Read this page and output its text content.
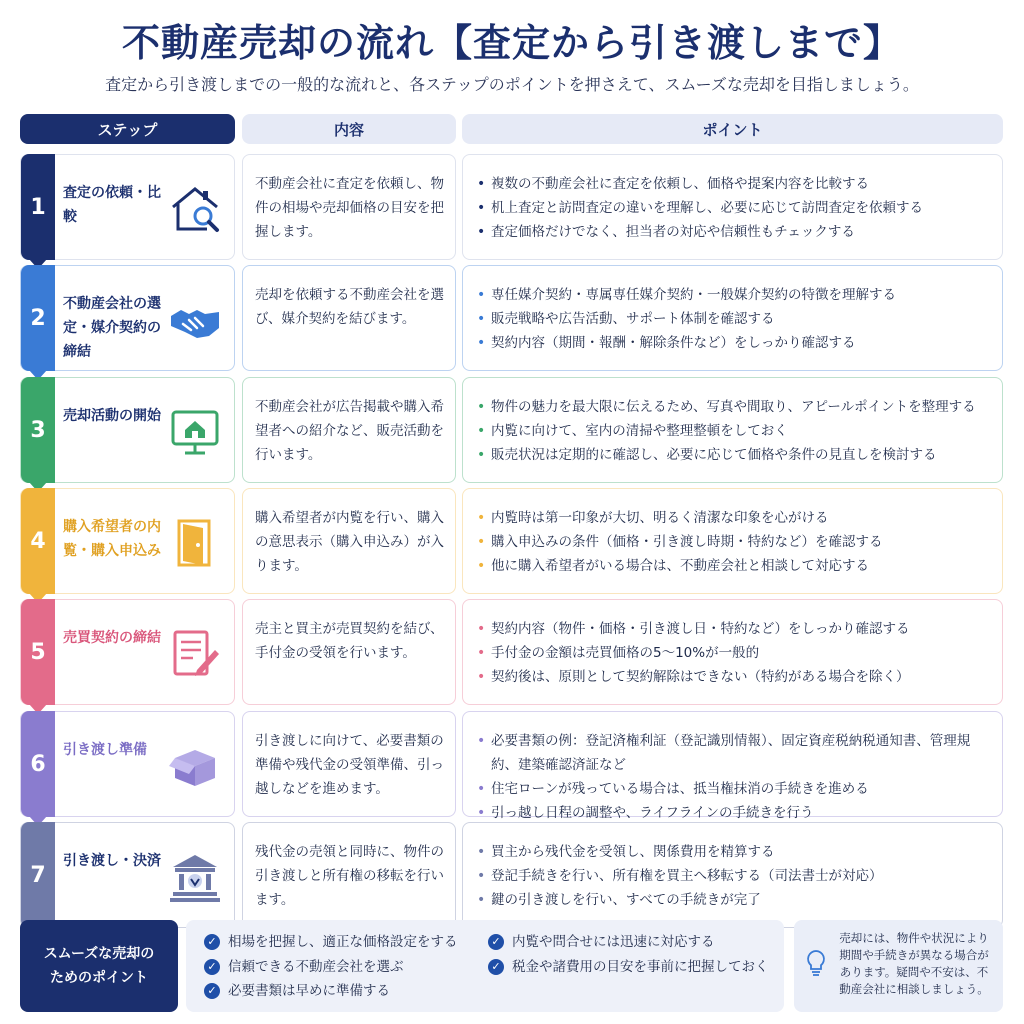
不動産売却の流れ【査定から引き渡しまで】
査定から引き渡しまでの一般的な流れと、各ステップのポイントを押さえて、スムーズな売却を目指しましょう。
ステップ	内容	ポイント
1
査定の依頼・比較
不動産会社に査定を依頼し、物件の相場や売却価格の目安を把握します。
• 複数の不動産会社に査定を依頼し、価格や提案内容を比較する
• 机上査定と訪問査定の違いを理解し、必要に応じて訪問査定を依頼する
• 査定価格だけでなく、担当者の対応や信頼性もチェックする
2
不動産会社の選定・媒介契約の締結
売却を依頼する不動産会社を選び、媒介契約を結びます。
• 専任媒介契約・専属専任媒介契約・一般媒介契約の特徴を理解する
• 販売戦略や広告活動、サポート体制を確認する
• 契約内容（期間・報酬・解除条件など）をしっかり確認する
3
売却活動の開始
不動産会社が広告掲載や購入希望者への紹介など、販売活動を行います。
• 物件の魅力を最大限に伝えるため、写真や間取り、アピールポイントを整理する
• 内覧に向けて、室内の清掃や整理整頓をしておく
• 販売状況は定期的に確認し、必要に応じて価格や条件の見直しを検討する
4
購入希望者の内覧・購入申込み
購入希望者が内覧を行い、購入の意思表示（購入申込み）が入ります。
• 内覧時は第一印象が大切、明るく清潔な印象を心がける
• 購入申込みの条件（価格・引き渡し時期・特約など）を確認する
• 他に購入希望者がいる場合は、不動産会社と相談して対応する
5
売買契約の締結
売主と買主が売買契約を結び、手付金の受領を行います。
• 契約内容（物件・価格・引き渡し日・特約など）をしっかり確認する
• 手付金の金額は売買価格の5〜10%が一般的
• 契約後は、原則として契約解除はできない（特約がある場合を除く）
6
引き渡し準備
引き渡しに向けて、必要書類の準備や残代金の受領準備、引っ越しなどを進めます。
• 必要書類の例：登記済権利証（登記識別情報）、固定資産税納税通知書、管理規約、建築確認済証など
• 住宅ローンが残っている場合は、抵当権抹消の手続きを進める
• 引っ越し日程の調整や、ライフラインの手続きを行う
7
引き渡し・決済
残代金の売領と同時に、物件の引き渡しと所有権の移転を行います。
• 買主から残代金を受領し、関係費用を精算する
• 登記手続きを行い、所有権を買主へ移転する（司法書士が対応）
• 鍵の引き渡しを行い、すべての手続きが完了
スムーズな売却のためのポイント
✓ 相場を把握し、適正な価格設定をする
✓ 信頼できる不動産会社を選ぶ
✓ 必要書類は早めに準備する
✓ 内覧や問合せには迅速に対応する
✓ 税金や諸費用の目安を事前に把握しておく
売却には、物件や状況により期間や手続きが異なる場合があります。疑問や不安は、不動産会社に相談しましょう。
